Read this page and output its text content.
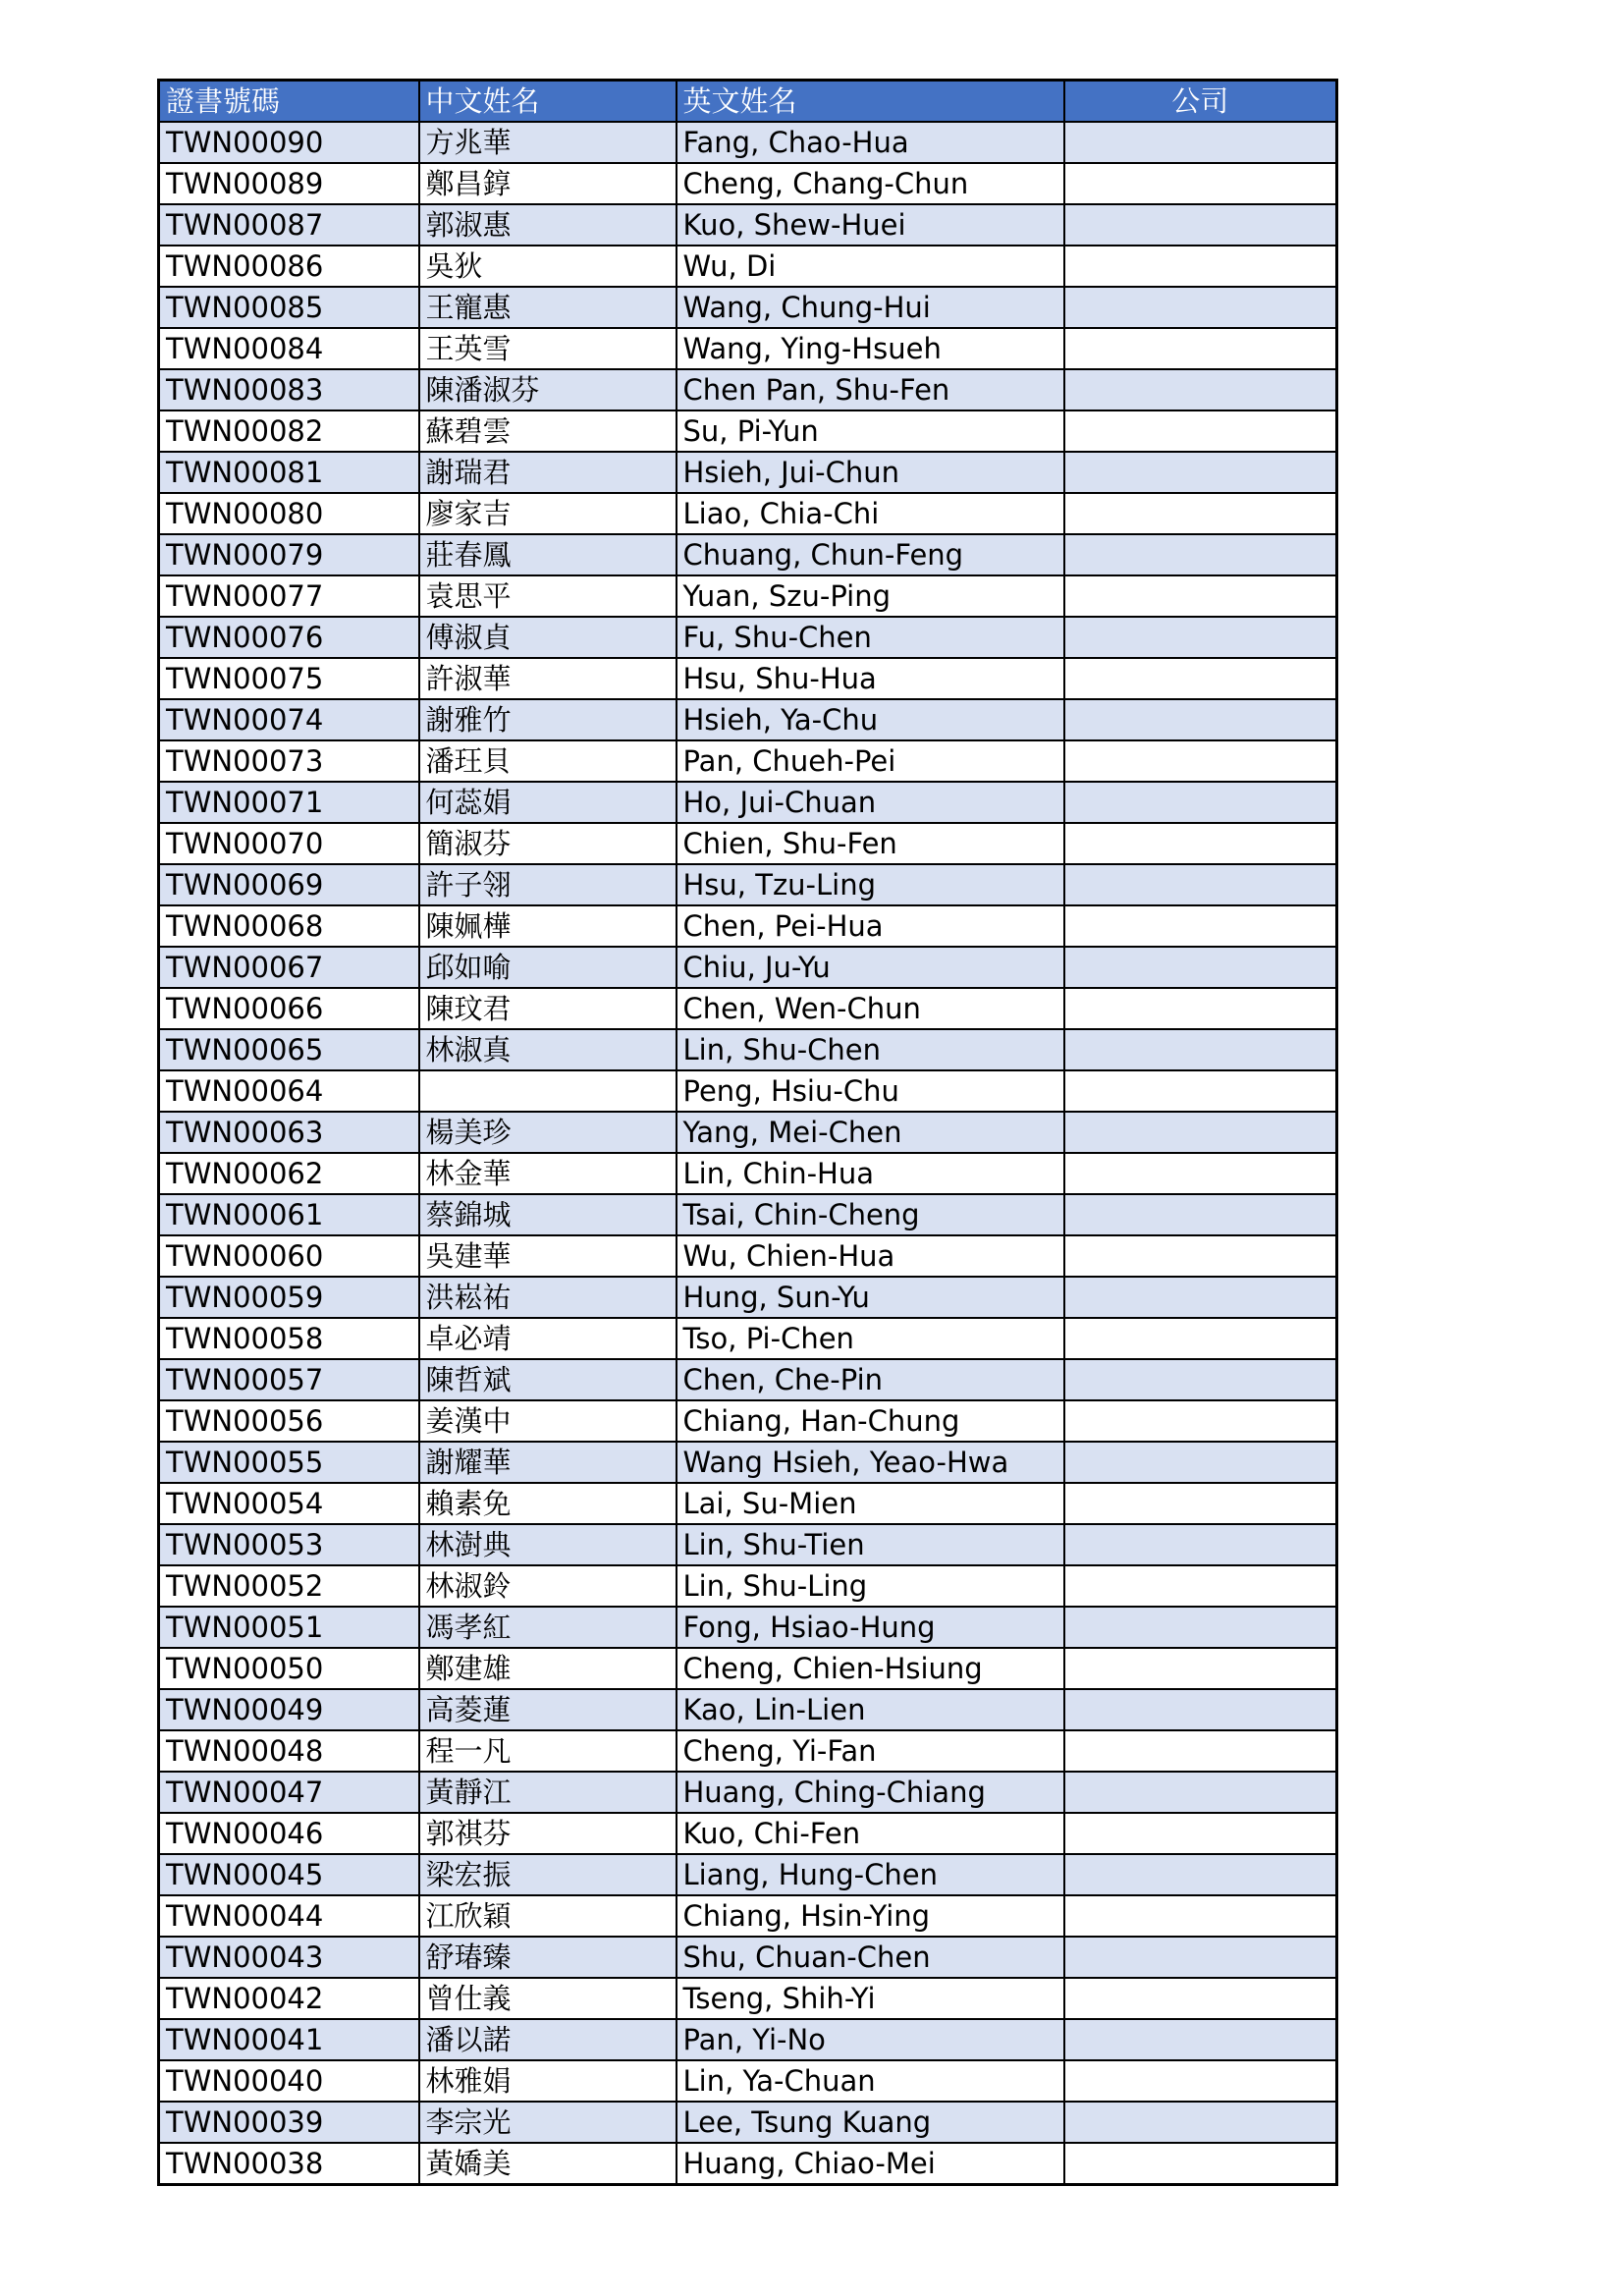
證書號碼	中文姓名	英文姓名	公司
TWN00090	方兆華	Fang, Chao-Hua	
TWN00089	鄭昌錞	Cheng, Chang-Chun	
TWN00087	郭淑惠	Kuo, Shew-Huei	
TWN00086	吳狄	Wu, Di	
TWN00085	王寵惠	Wang, Chung-Hui	
TWN00084	王英雪	Wang, Ying-Hsueh	
TWN00083	陳潘淑芬	Chen Pan, Shu-Fen	
TWN00082	蘇碧雲	Su, Pi-Yun	
TWN00081	謝瑞君	Hsieh, Jui-Chun	
TWN00080	廖家吉	Liao, Chia-Chi	
TWN00079	莊春鳳	Chuang, Chun-Feng	
TWN00077	袁思平	Yuan, Szu-Ping	
TWN00076	傅淑貞	Fu, Shu-Chen	
TWN00075	許淑華	Hsu, Shu-Hua	
TWN00074	謝雅竹	Hsieh, Ya-Chu	
TWN00073	潘玨貝	Pan, Chueh-Pei	
TWN00071	何蕊娟	Ho, Jui-Chuan	
TWN00070	簡淑芬	Chien, Shu-Fen	
TWN00069	許子翎	Hsu, Tzu-Ling	
TWN00068	陳姵樺	Chen, Pei-Hua	
TWN00067	邱如喻	Chiu, Ju-Yu	
TWN00066	陳玟君	Chen, Wen-Chun	
TWN00065	林淑真	Lin, Shu-Chen	
TWN00064		Peng, Hsiu-Chu	
TWN00063	楊美珍	Yang, Mei-Chen	
TWN00062	林金華	Lin, Chin-Hua	
TWN00061	蔡錦城	Tsai, Chin-Cheng	
TWN00060	吳建華	Wu, Chien-Hua	
TWN00059	洪崧祐	Hung, Sun-Yu	
TWN00058	卓必靖	Tso, Pi-Chen	
TWN00057	陳哲斌	Chen, Che-Pin	
TWN00056	姜漢中	Chiang, Han-Chung	
TWN00055	謝耀華	Wang Hsieh, Yeao-Hwa	
TWN00054	賴素免	Lai, Su-Mien	
TWN00053	林澍典	Lin, Shu-Tien	
TWN00052	林淑鈴	Lin, Shu-Ling	
TWN00051	馮孝紅	Fong, Hsiao-Hung	
TWN00050	鄭建雄	Cheng, Chien-Hsiung	
TWN00049	高菱蓮	Kao, Lin-Lien	
TWN00048	程一凡	Cheng, Yi-Fan	
TWN00047	黃靜江	Huang, Ching-Chiang	
TWN00046	郭祺芬	Kuo, Chi-Fen	
TWN00045	梁宏振	Liang, Hung-Chen	
TWN00044	江欣穎	Chiang, Hsin-Ying	
TWN00043	舒瑃臻	Shu, Chuan-Chen	
TWN00042	曾仕義	Tseng, Shih-Yi	
TWN00041	潘以諾	Pan, Yi-No	
TWN00040	林雅娟	Lin, Ya-Chuan	
TWN00039	李宗光	Lee, Tsung Kuang	
TWN00038	黃嬌美	Huang, Chiao-Mei	
